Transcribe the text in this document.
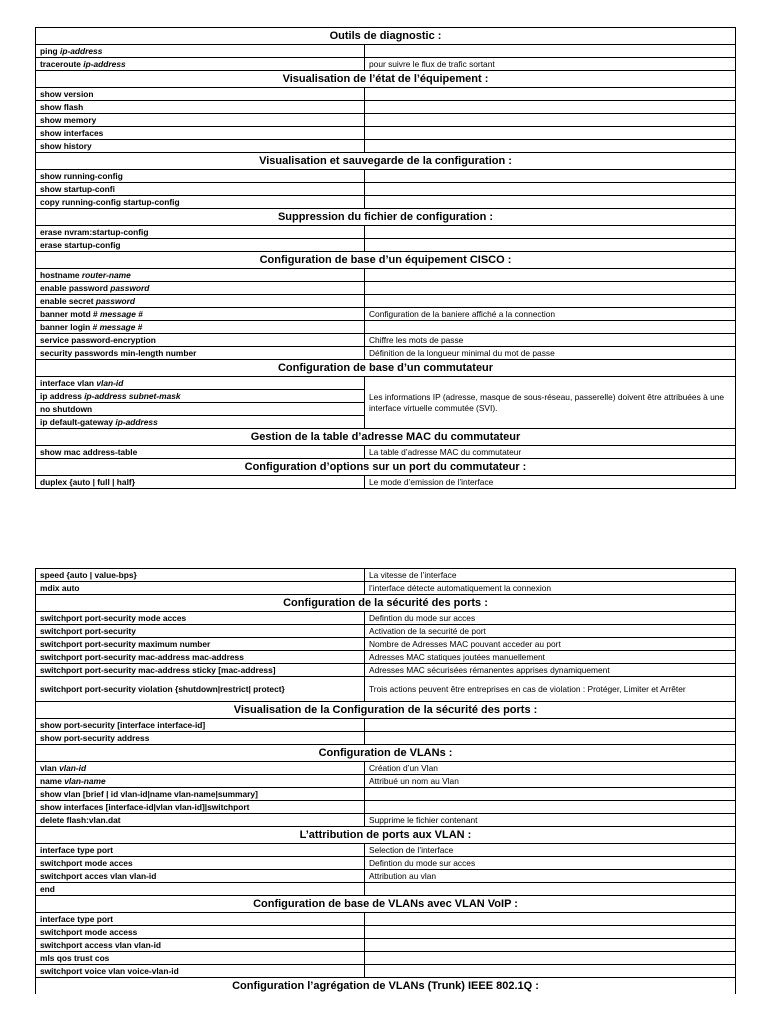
Outils de diagnostic :	
ping ip-address	
traceroute ip-address	pour suivre le flux de trafic sortant
Visualisation de l’état de l’équipement :	
show version	
show flash	
show memory	
show interfaces	
show history	
Visualisation et sauvegarde de la configuration :	
show running-config	
show startup-confi	
copy running-config startup-config	
Suppression du fichier de configuration :	
erase nvram:startup-config	
erase startup-config	
Configuration de base d’un équipement CISCO :	
hostname router-name	
enable password password	
enable secret password	
banner motd # message #	Configuration de la baniere affiché a la connection
banner login # message #	
service password-encryption	Chiffre les mots de passe
security passwords min-length number	Définition de la longueur minimal du mot de passe
Configuration de base d’un commutateur	
interface vlan vlan-id	Les informations IP (adresse, masque de sous-réseau, passerelle) doivent être attribuées à une interface virtuelle commutée (SVI).
ip address ip-address subnet-mask	
no shutdown	
ip default-gateway ip-address	
Gestion de la table d’adresse MAC du commutateur	
show mac address-table	La table d’adresse MAC du commutateur
Configuration d’options sur un port du commutateur :	
duplex {auto | full | half}	Le mode d’emission de l’interface
speed {auto | value-bps}	La vitesse de l’interface
mdix auto	l’interface détecte automatiquement la connexion
Configuration de la sécurité des ports :	
switchport port-security mode acces	Defintion du mode sur acces
switchport port-security	Activation de la securité de port
switchport port-security maximum number	Nombre de Adresses MAC pouvant acceder au port
switchport port-security mac-address mac-address	Adresses MAC statiques joutées manuellement
switchport port-security mac-address sticky [mac-address]	Adresses MAC sécurisées rémanentes apprises dynamiquement
switchport port-security violation {shutdown|restrict| protect}	Trois actions peuvent être entreprises en cas de violation : Protéger, Limiter et Arrêter
Visualisation de la Configuration de la sécurité des ports :	
show port-security [interface interface-id]	
show port-security address	
Configuration de VLANs :	
vlan vlan-id	Création d’un Vlan
name vlan-name	Attribué un nom au Vlan
show vlan [brief | id vlan-id|name vlan-name|summary]	
show interfaces [interface-id|vlan vlan-id]|switchport	
delete flash:vlan.dat	Supprime le fichier contenant
L’attribution de ports aux VLAN :	
interface type port	Selection de l’interface
switchport mode acces	Defintion du mode sur acces
switchport acces vlan vlan-id	Attribution au vlan
end	
Configuration de base de VLANs avec VLAN VoIP :	
interface type port	
switchport mode access	
switchport access vlan vlan-id	
mls qos trust cos	
switchport voice vlan voice-vlan-id	
Configuration l’agrégation de VLANs (Trunk) IEEE 802.1Q :	
